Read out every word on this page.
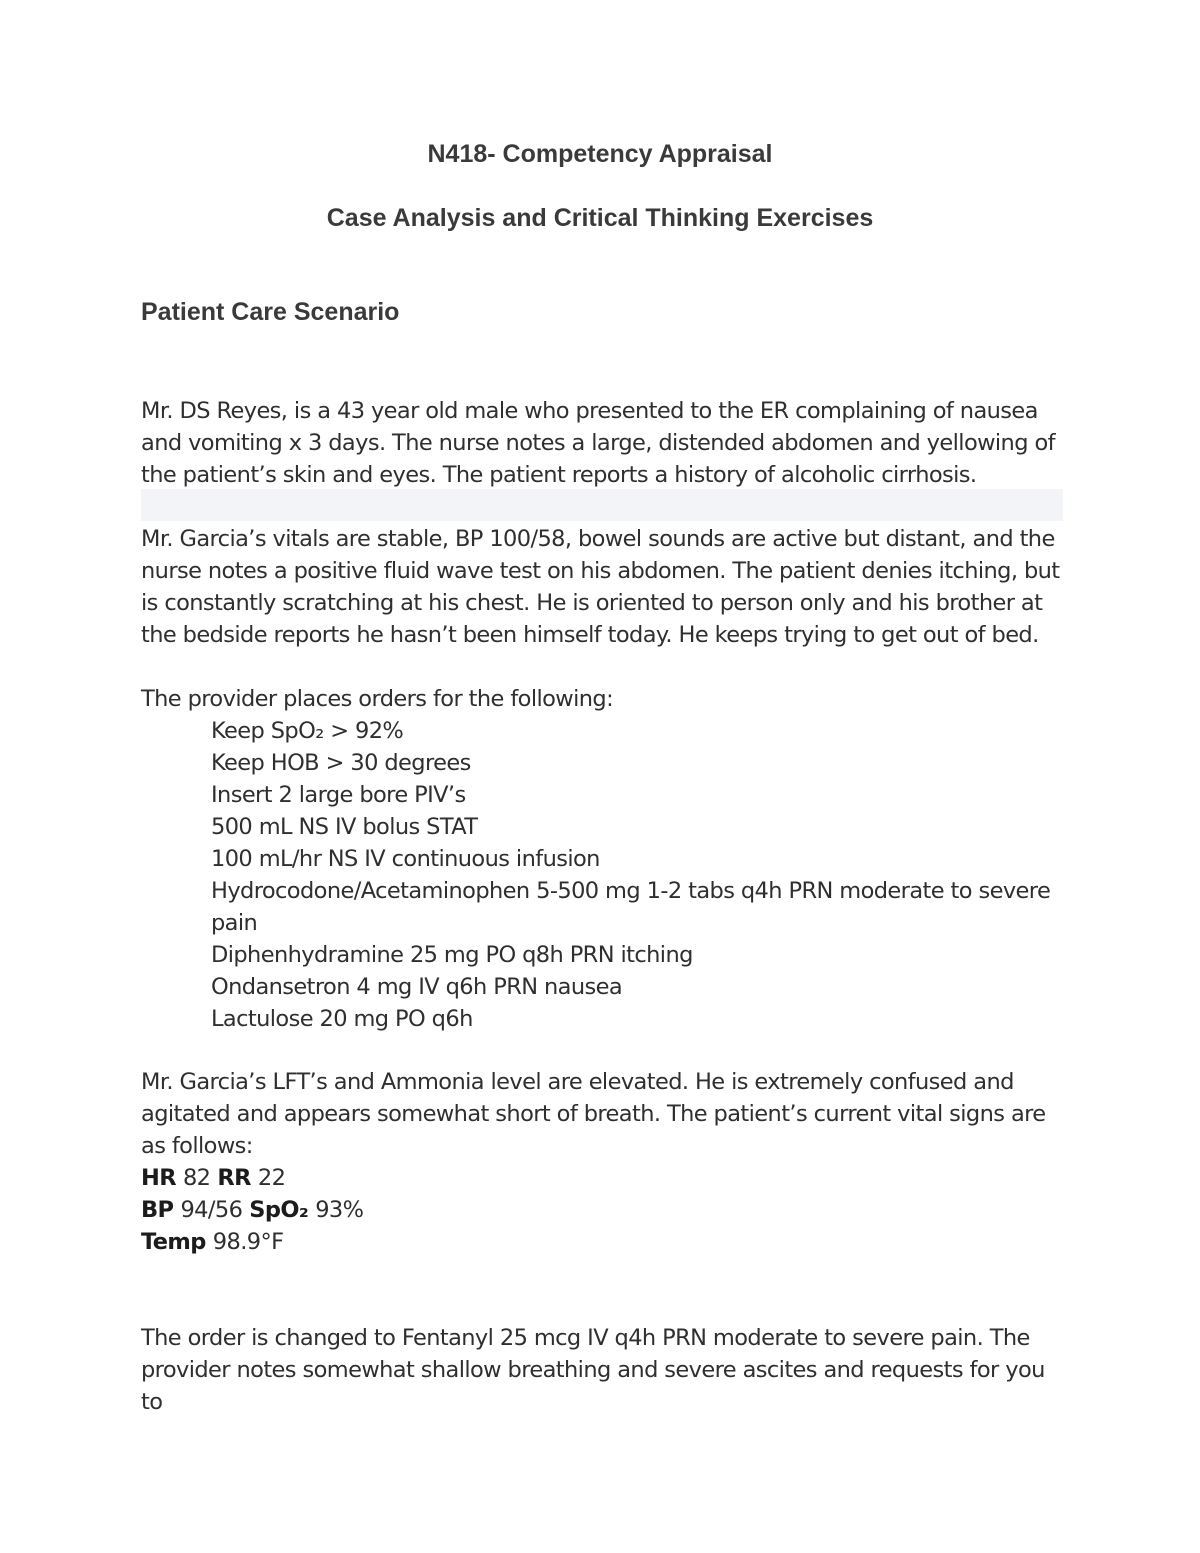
N418- Competency Appraisal
Case Analysis and Critical Thinking Exercises
Patient Care Scenario
Mr. DS Reyes, is a 43 year old male who presented to the ER complaining of nausea and vomiting x 3 days. The nurse notes a large, distended abdomen and yellowing of the patient’s skin and eyes. The patient reports a history of alcoholic cirrhosis.
Mr. Garcia’s vitals are stable, BP 100/58, bowel sounds are active but distant, and the nurse notes a positive fluid wave test on his abdomen. The patient denies itching, but is constantly scratching at his chest. He is oriented to person only and his brother at the bedside reports he hasn’t been himself today. He keeps trying to get out of bed.
The provider places orders for the following:
Keep SpO₂ > 92%
Keep HOB > 30 degrees
Insert 2 large bore PIV’s
500 mL NS IV bolus STAT
100 mL/hr NS IV continuous infusion
Hydrocodone/Acetaminophen 5-500 mg 1-2 tabs q4h PRN moderate to severe pain
Diphenhydramine 25 mg PO q8h PRN itching
Ondansetron 4 mg IV q6h PRN nausea
Lactulose 20 mg PO q6h
Mr. Garcia’s LFT’s and Ammonia level are elevated. He is extremely confused and agitated and appears somewhat short of breath. The patient’s current vital signs are as follows:
HR 82 RR 22
BP 94/56 SpO₂ 93%
Temp 98.9°F
The order is changed to Fentanyl 25 mcg IV q4h PRN moderate to severe pain. The provider notes somewhat shallow breathing and severe ascites and requests for you to
